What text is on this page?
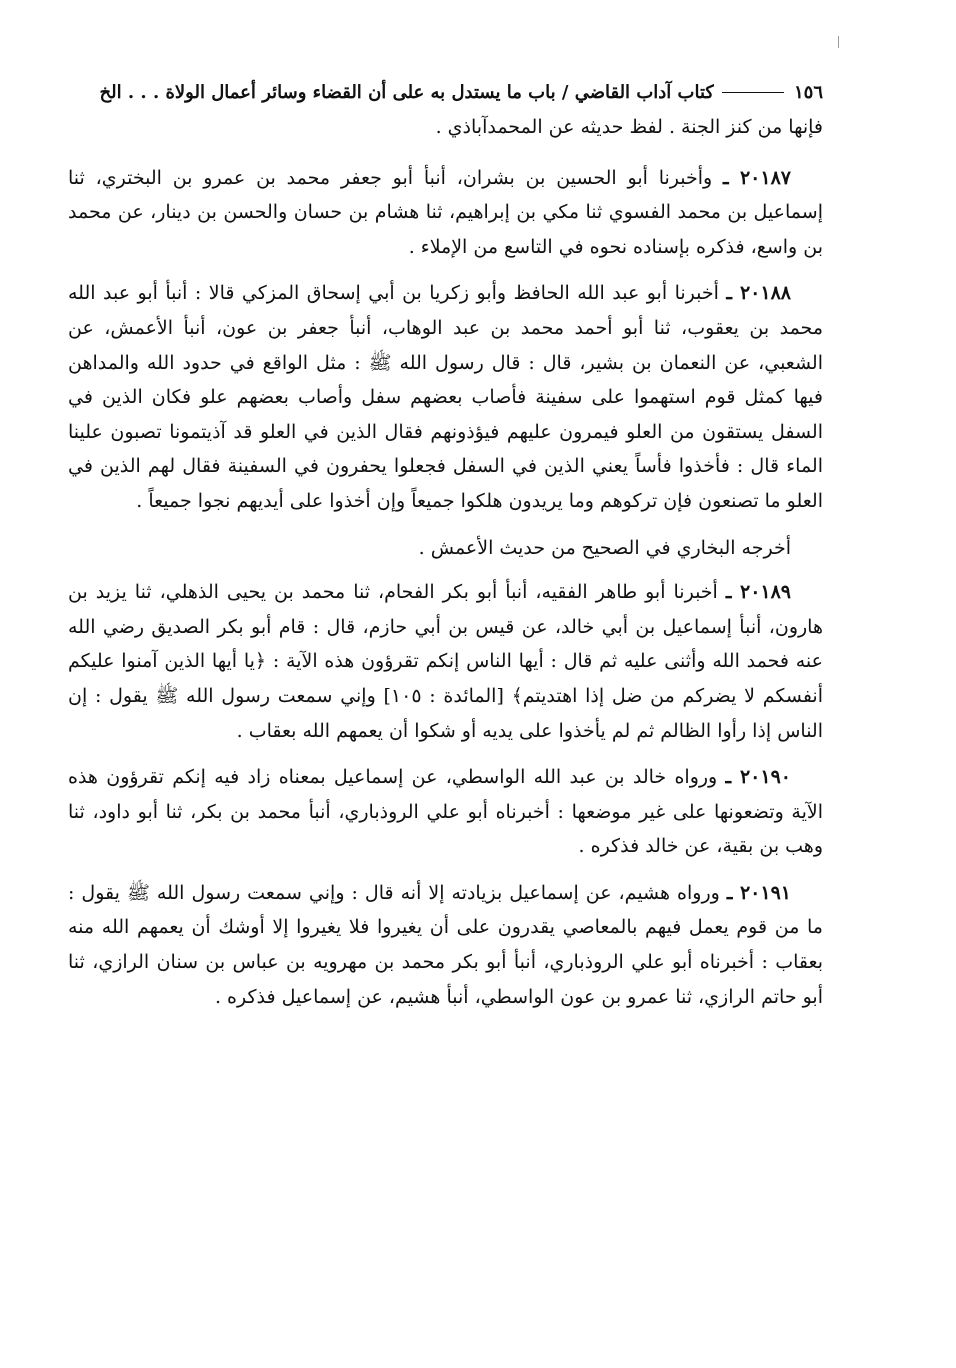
١٥٦
كتاب آداب القاضي / باب ما يستدل به على أن القضاء وسائر أعمال الولاة . . . الخ

فإنها من كنز الجنة . لفظ حديثه عن المحمدآباذي .

٢٠١٨٧ ـ وأخبرنا أبو الحسين بن بشران، أنبأ أبو جعفر محمد بن عمرو بن البختري، ثنا إسماعيل بن محمد الفسوي ثنا مكي بن إبراهيم، ثنا هشام بن حسان والحسن بن دينار، عن محمد بن واسع، فذكره بإسناده نحوه في التاسع من الإملاء .

٢٠١٨٨ ـ أخبرنا أبو عبد الله الحافظ وأبو زكريا بن أبي إسحاق المزكي قالا : أنبأ أبو عبد الله محمد بن يعقوب، ثنا أبو أحمد محمد بن عبد الوهاب، أنبأ جعفر بن عون، أنبأ الأعمش، عن الشعبي، عن النعمان بن بشير، قال : قال رسول الله ﷺ : مثل الواقع في حدود الله والمداهن فيها كمثل قوم استهموا على سفينة فأصاب بعضهم سفل وأصاب بعضهم علو فكان الذين في السفل يستقون من العلو فيمرون عليهم فيؤذونهم فقال الذين في العلو قد آذيتمونا تصبون علينا الماء قال : فأخذوا فأساً يعني الذين في السفل فجعلوا يحفرون في السفينة فقال لهم الذين في العلو ما تصنعون فإن تركوهم وما يريدون هلكوا جميعاً وإن أخذوا على أيديهم نجوا جميعاً .

أخرجه البخاري في الصحيح من حديث الأعمش .

٢٠١٨٩ ـ أخبرنا أبو طاهر الفقيه، أنبأ أبو بكر الفحام، ثنا محمد بن يحيى الذهلي، ثنا يزيد بن هارون، أنبأ إسماعيل بن أبي خالد، عن قيس بن أبي حازم، قال : قام أبو بكر الصديق رضي الله عنه فحمد الله وأثنى عليه ثم قال : أيها الناس إنكم تقرؤون هذه الآية : ﴿يا أيها الذين آمنوا عليكم أنفسكم لا يضركم من ضل إذا اهتديتم﴾ [المائدة : ١٠٥] وإني سمعت رسول الله ﷺ يقول : إن الناس إذا رأوا الظالم ثم لم يأخذوا على يديه أو شكوا أن يعمهم الله بعقاب .

٢٠١٩٠ ـ ورواه خالد بن عبد الله الواسطي، عن إسماعيل بمعناه زاد فيه إنكم تقرؤون هذه الآية وتضعونها على غير موضعها : أخبرناه أبو علي الروذباري، أنبأ محمد بن بكر، ثنا أبو داود، ثنا وهب بن بقية، عن خالد فذكره .

٢٠١٩١ ـ ورواه هشيم، عن إسماعيل بزيادته إلا أنه قال : وإني سمعت رسول الله ﷺ يقول : ما من قوم يعمل فيهم بالمعاصي يقدرون على أن يغيروا فلا يغيروا إلا أوشك أن يعمهم الله منه بعقاب : أخبرناه أبو علي الروذباري، أنبأ أبو بكر محمد بن مهرويه بن عباس بن سنان الرازي، ثنا أبو حاتم الرازي، ثنا عمرو بن عون الواسطي، أنبأ هشيم، عن إسماعيل فذكره .
